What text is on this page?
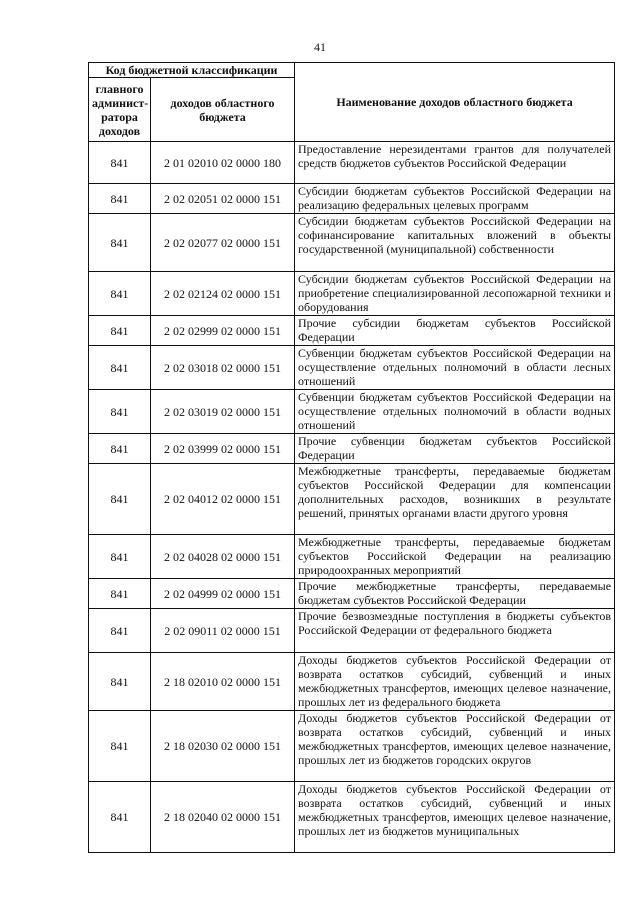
41
Код бюджетной классификации		Наименование доходов областного бюджета
главного админист-ратора доходов	доходов областного бюджета	
841	2 01 02010 02 0000 180	Предоставление нерезидентами грантов для получателей средств бюджетов субъектов Российской Федерации

841	2 02 02051 02 0000 151	Субсидии бюджетам субъектов Российской Федерации на реализацию федеральных целевых программ

841	2 02 02077 02 0000 151	Субсидии бюджетам субъектов Российской Федерации на софинансирование капитальных вложений в объекты государственной (муниципальной) собственности

841	2 02 02124 02 0000 151	Субсидии бюджетам субъектов Российской Федерации на приобретение специализированной лесопожарной техники и оборудования

841	2 02 02999 02 0000 151	Прочие субсидии бюджетам субъектов Российской Федерации

841	2 02 03018 02 0000 151	Субвенции бюджетам субъектов Российской Федерации на осуществление отдельных полномочий в области лесных отношений

841	2 02 03019 02 0000 151	Субвенции бюджетам субъектов Российской Федерации на осуществление отдельных полномочий в области водных отношений

841	2 02 03999 02 0000 151	Прочие субвенции бюджетам субъектов Российской Федерации

841	2 02 04012 02 0000 151	Межбюджетные трансферты, передаваемые бюджетам субъектов Российской Федерации для компенсации дополнительных расходов, возникших в результате решений, принятых органами власти другого уровня

841	2 02 04028 02 0000 151	Межбюджетные трансферты, передаваемые бюджетам субъектов Российской Федерации на реализацию природоохранных мероприятий

841	2 02 04999 02 0000 151	Прочие межбюджетные трансферты, передаваемые бюджетам субъектов Российской Федерации

841	2 02 09011 02 0000 151	Прочие безвозмездные поступления в бюджеты субъектов Российской Федерации от федерального бюджета

841	2 18 02010 02 0000 151	Доходы бюджетов субъектов Российской Федерации от возврата остатков субсидий, субвенций и иных межбюджетных трансфертов, имеющих целевое назначение, прошлых лет из федерального бюджета

841	2 18 02030 02 0000 151	Доходы бюджетов субъектов Российской Федерации от возврата остатков субсидий, субвенций и иных межбюджетных трансфертов, имеющих целевое назначение, прошлых лет из бюджетов городских округов

841	2 18 02040 02 0000 151	Доходы бюджетов субъектов Российской Федерации от возврата остатков субсидий, субвенций и иных межбюджетных трансфертов, имеющих целевое назначение, прошлых лет из бюджетов муниципальных
